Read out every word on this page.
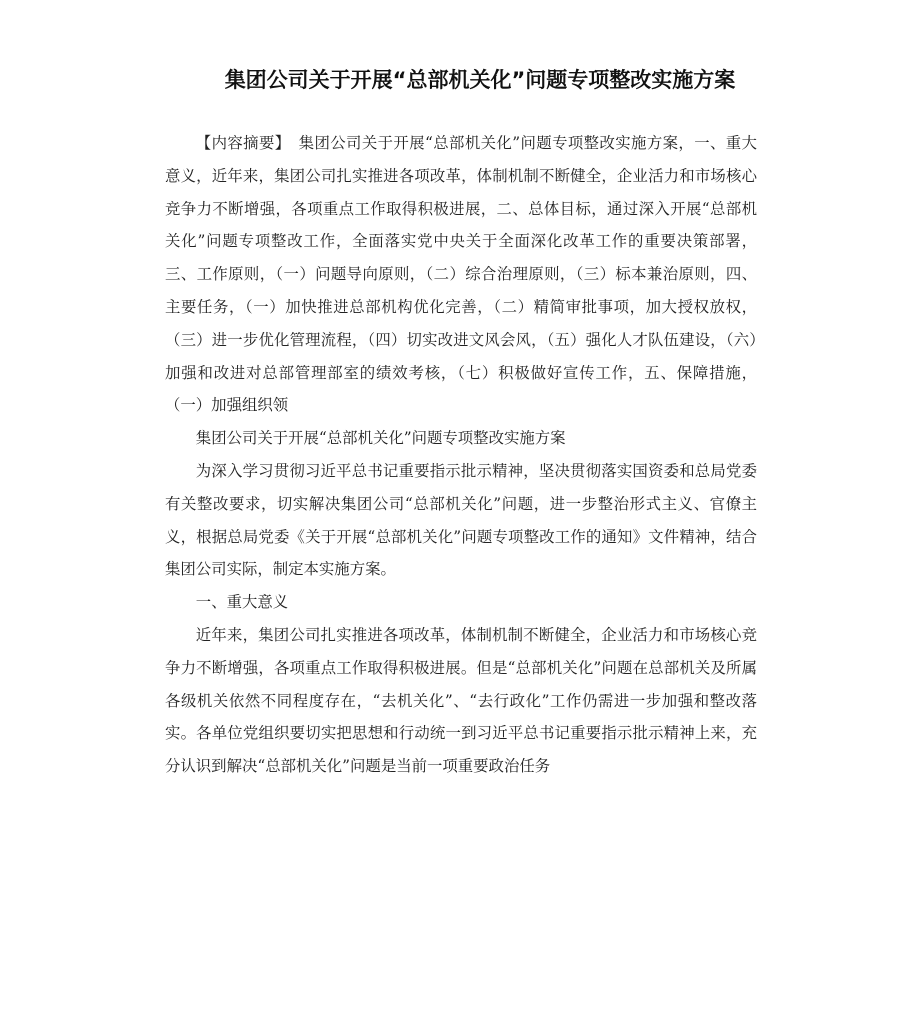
集团公司关于开展“总部机关化”问题专项整改实施方案

【内容摘要】　 集团公司关于开展“总部机关化”问题专项整改实施方案，一、重大意义，近年来，集团公司扎实推进各项改革，体制机制不断健全，企业活力和市场核心竞争力不断增强，各项重点工作取得积极进展，二、总体目标，通过深入开展“总部机关化”问题专项整改工作，全面落实党中央关于全面深化改革工作的重要决策部署，三、工作原则，（一）问题导向原则，（二）综合治理原则，（三）标本兼治原则，四、主要任务，（一）加快推进总部机构优化完善，（二）精简审批事项，加大授权放权，（三）进一步优化管理流程，（四）切实改进文风会风，（五）强化人才队伍建设，（六）加强和改进对总部管理部室的绩效考核，（七）积极做好宣传工作，五、保障措施，（一）加强组织领

集团公司关于开展“总部机关化”问题专项整改实施方案

为深入学习贯彻习近平总书记重要指示批示精神，坚决贯彻落实国资委和总局党委有关整改要求，切实解决集团公司“总部机关化”问题，进一步整治形式主义、官僚主义，根据总局党委《关于开展“总部机关化”问题专项整改工作的通知》文件精神，结合集团公司实际，制定本实施方案。

一、重大意义

近年来，集团公司扎实推进各项改革，体制机制不断健全，企业活力和市场核心竞争力不断增强，各项重点工作取得积极进展。但是“总部机关化”问题在总部机关及所属各级机关依然不同程度存在，“去机关化”、“去行政化”工作仍需进一步加强和整改落实。各单位党组织要切实把思想和行动统一到习近平总书记重要指示批示精神上来，充分认识到解决“总部机关化”问题是当前一项重要政治任务
